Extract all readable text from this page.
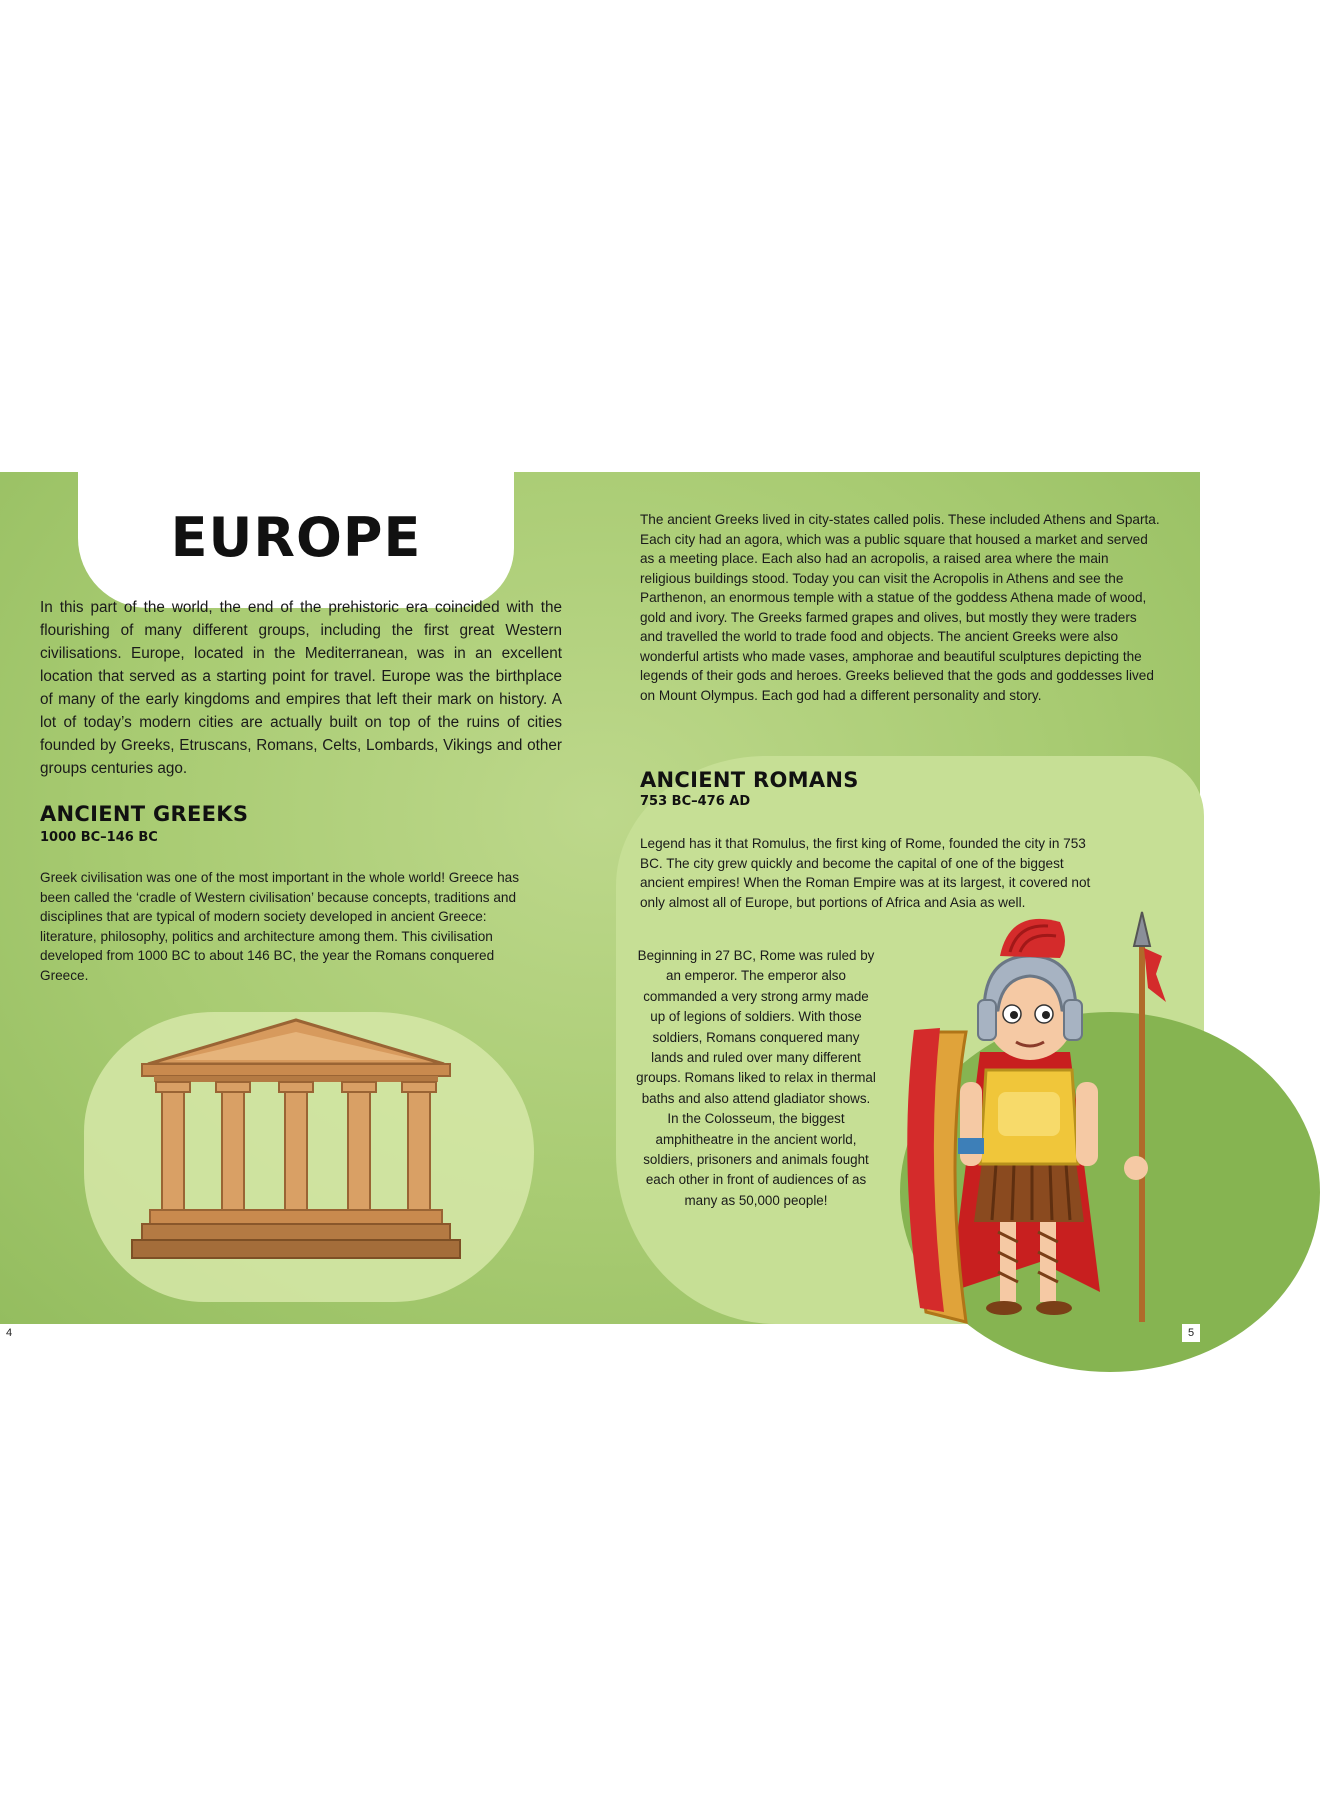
EUROPE
In this part of the world, the end of the prehistoric era coincided with the flourishing of many different groups, including the first great Western civilisations. Europe, located in the Mediterranean, was in an excellent location that served as a starting point for travel. Europe was the birthplace of many of the early kingdoms and empires that left their mark on history. A lot of today’s modern cities are actually built on top of the ruins of cities founded by Greeks, Etruscans, Romans, Celts, Lombards, Vikings and other groups centuries ago.
ANCIENT GREEKS
1000 BC–146 BC
Greek civilisation was one of the most important in the whole world! Greece has been called the ‘cradle of Western civilisation’ because concepts, traditions and disciplines that are typical of modern society developed in ancient Greece: literature, philosophy, politics and architecture among them. This civilisation developed from 1000 BC to about 146 BC, the year the Romans conquered Greece.
The ancient Greeks lived in city-states called polis. These included Athens and Sparta. Each city had an agora, which was a public square that housed a market and served as a meeting place. Each also had an acropolis, a raised area where the main religious buildings stood. Today you can visit the Acropolis in Athens and see the Parthenon, an enormous temple with a statue of the goddess Athena made of wood, gold and ivory. The Greeks farmed grapes and olives, but mostly they were traders and travelled the world to trade food and objects. The ancient Greeks were also wonderful artists who made vases, amphorae and beautiful sculptures depicting the legends of their gods and heroes. Greeks believed that the gods and goddesses lived on Mount Olympus. Each god had a different personality and story.
ANCIENT ROMANS
753 BC–476 AD
Legend has it that Romulus, the first king of Rome, founded the city in 753 BC. The city grew quickly and become the capital of one of the biggest ancient empires! When the Roman Empire was at its largest, it covered not only almost all of Europe, but portions of Africa and Asia as well.
Beginning in 27 BC, Rome was ruled by an emperor. The emperor also commanded a very strong army made up of legions of soldiers. With those soldiers, Romans conquered many lands and ruled over many different groups. Romans liked to relax in thermal baths and also attend gladiator shows. In the Colosseum, the biggest amphitheatre in the ancient world, soldiers, prisoners and animals fought each other in front of audiences of as many as 50,000 people!
4	5
